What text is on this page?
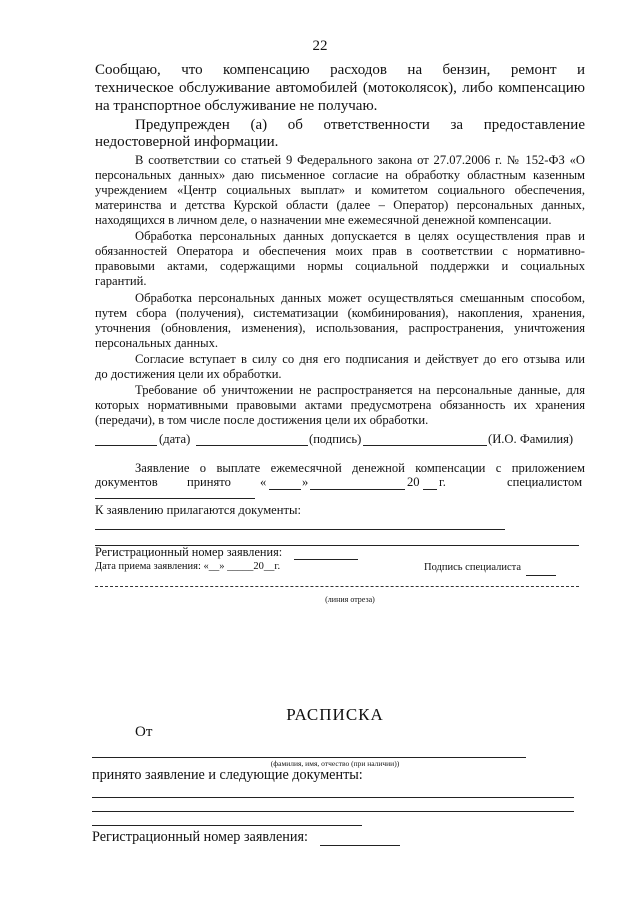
22
Сообщаю, что компенсацию расходов на бензин, ремонт и
техническое обслуживание автомобилей (мотоколясок), либо компенсацию
на транспортное обслуживание не получаю.
Предупрежден (а) об ответственности за предоставление
недостоверной информации.
В соответствии со статьей 9 Федерального закона от 27.07.2006 г. № 152-ФЗ «О
персональных данных» даю письменное согласие на обработку областным казенным
учреждением «Центр социальных выплат» и комитетом социального обеспечения,
материнства и детства Курской области (далее – Оператор) персональных данных,
находящихся в личном деле, о назначении мне ежемесячной денежной компенсации.
Обработка персональных данных допускается в целях осуществления прав и
обязанностей Оператора и обеспечения моих прав в соответствии с нормативно-
правовыми актами, содержащими нормы социальной поддержки и социальных
гарантий.
Обработка персональных данных может осуществляться смешанным способом,
путем сбора (получения), систематизации (комбинирования), накопления, хранения,
уточнения (обновления, изменения), использования, распространения, уничтожения
персональных данных.
Согласие вступает в силу со дня его подписания и действует до его отзыва или
до достижения цели их обработки.
Требование об уничтожении не распространяется на персональные данные, для
которых нормативными правовыми актами предусмотрена обязанность их хранения
(передачи), в том числе после достижения цели их обработки.
(дата)	(подпись)	(И.О. Фамилия)
Заявление о выплате ежемесячной денежной компенсации с приложением
документов принято «	»	20 г.	специалистом
К заявлению прилагаются документы:
Регистрационный номер заявления:
Дата приема заявления: «__» _____20__г.	Подпись специалиста
(линия отреза)
РАСПИСКА
От
(фамилия, имя, отчество (при наличии))
принято заявление и следующие документы:
Регистрационный номер заявления:
